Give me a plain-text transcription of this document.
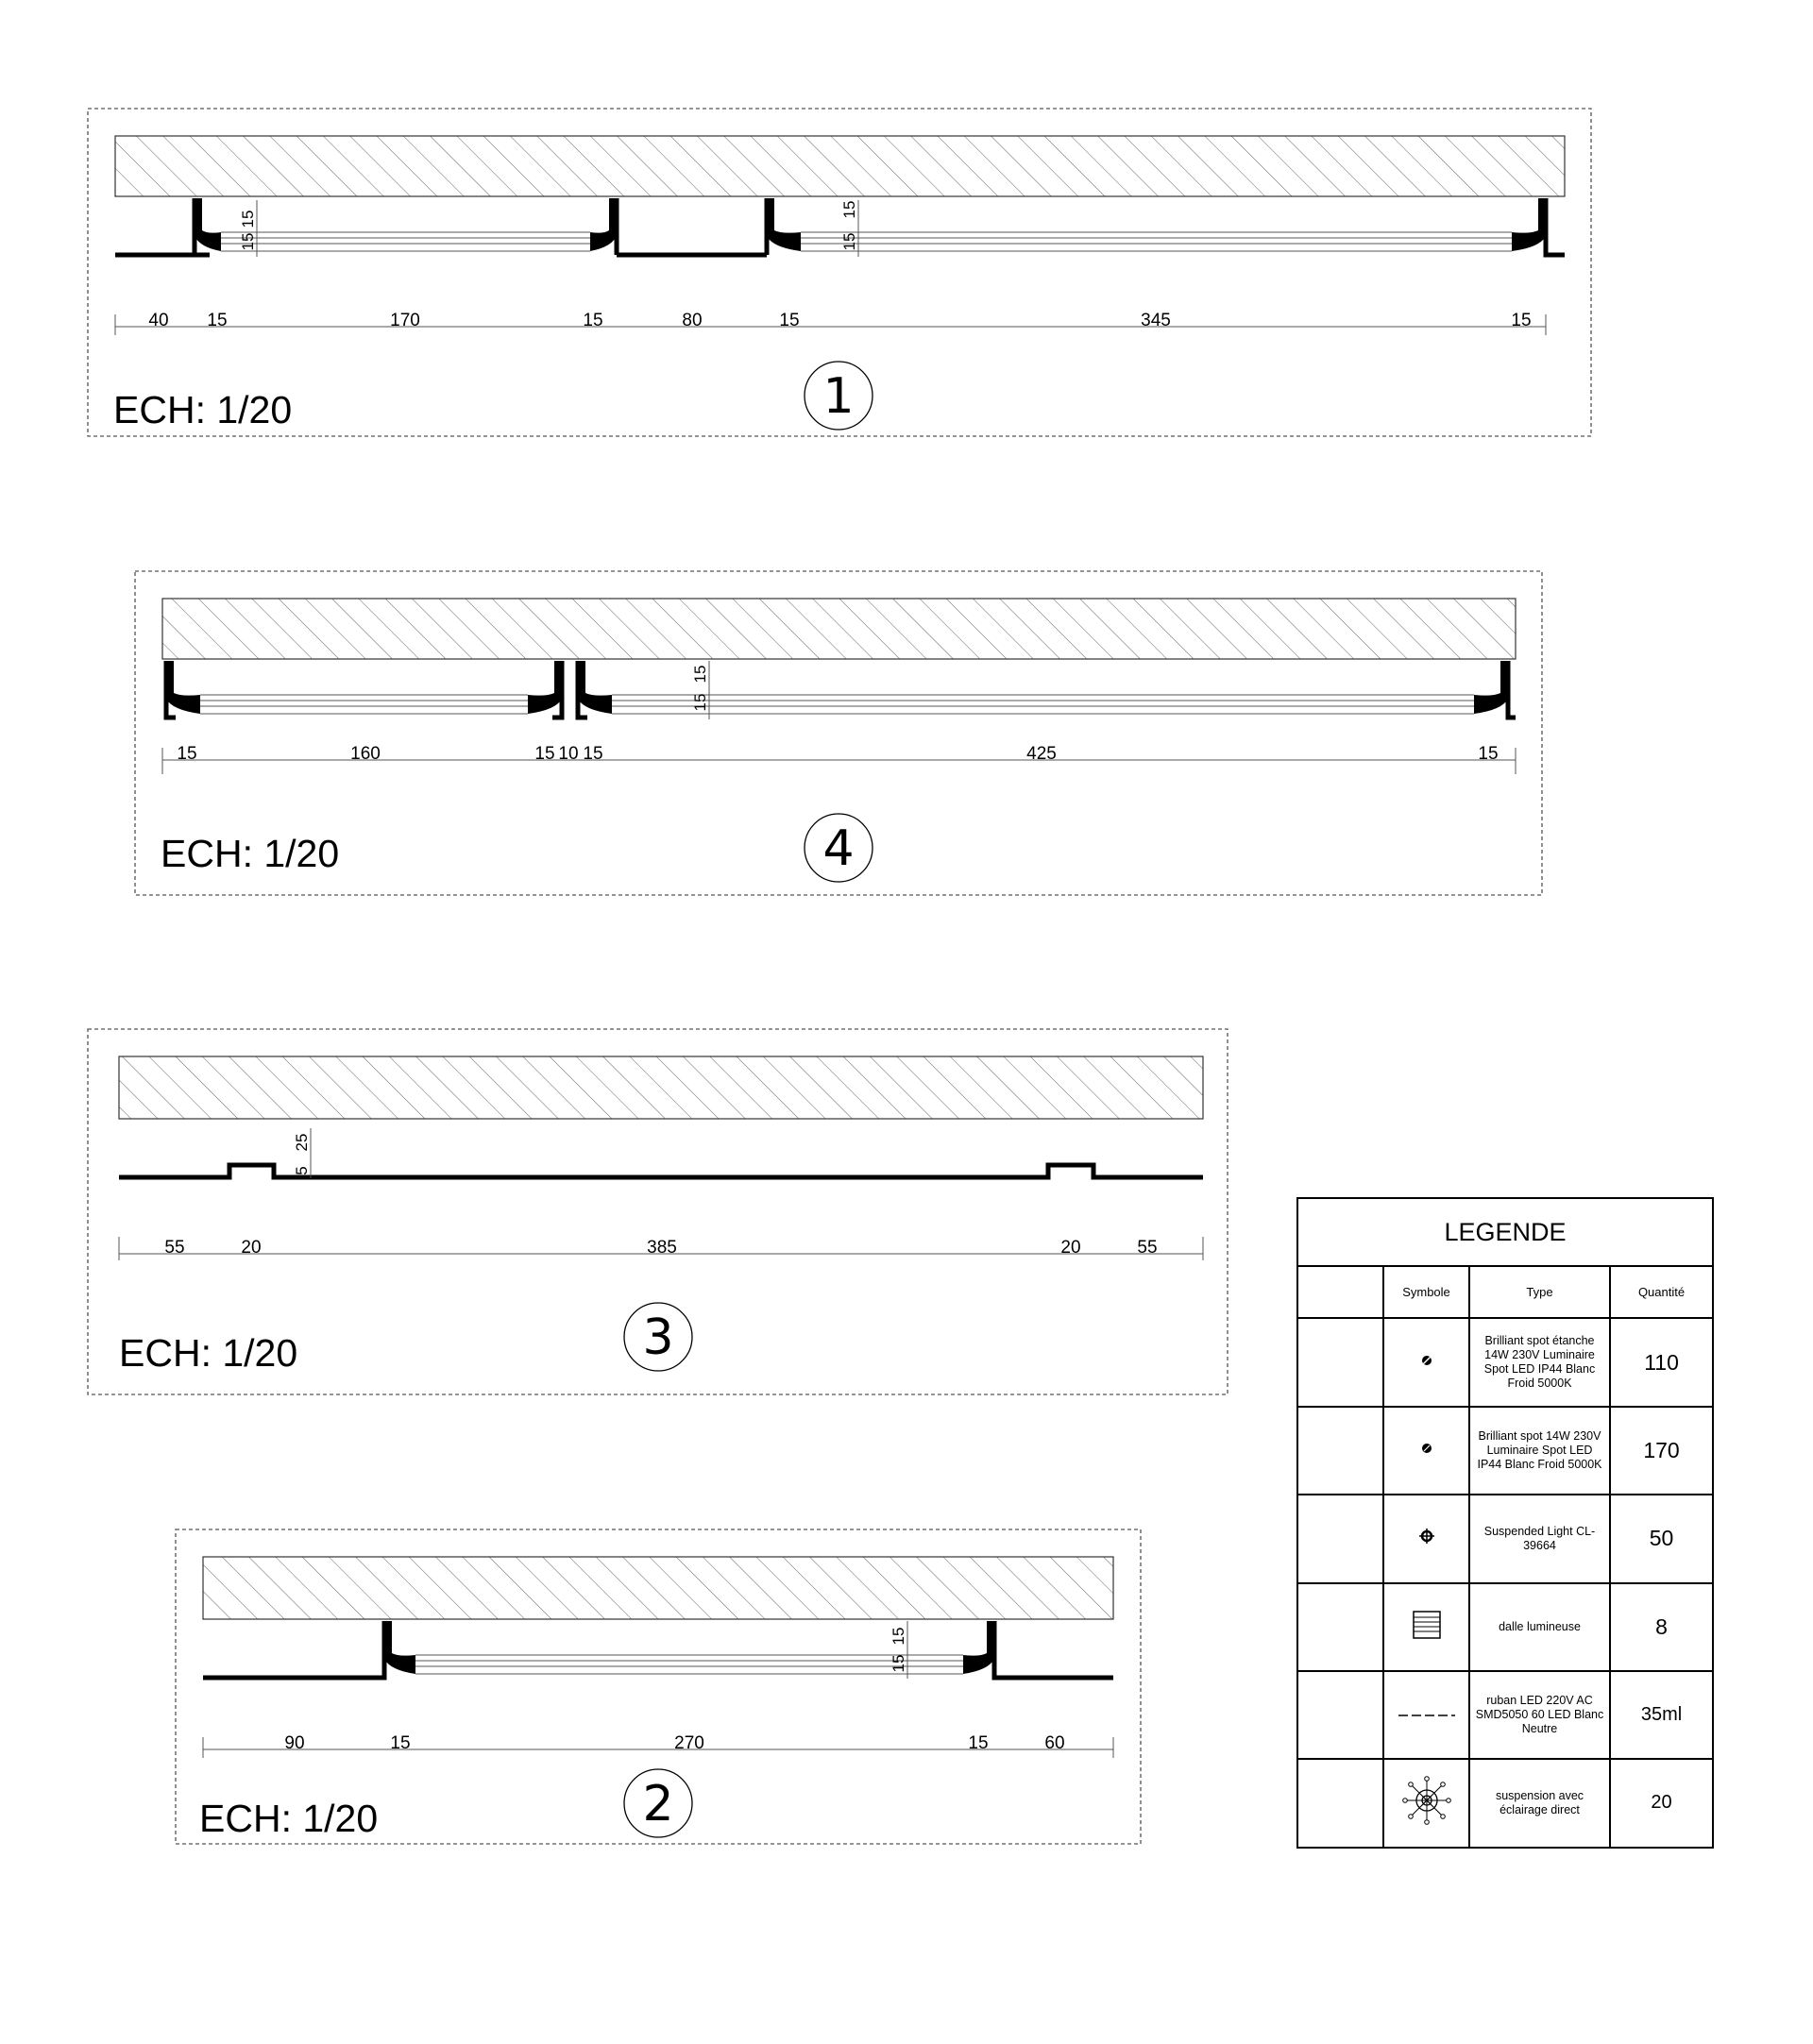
15
15
15
15
40 15	170	15	80	15	345	15
ECH: 1/20	1
15
15
15	160	15 10 15	425	15
ECH: 1/20	4
5
25
55	20	385	20	55
ECH: 1/20	3
15
15
90	15	270	15	60
ECH: 1/20	2
LEGENDE			
	Symbole	Type	Quantité
		Brilliant spot étanche 14W 230V Luminaire Spot LED IP44 Blanc Froid 5000K	110
		Brilliant spot 14W 230V Luminaire Spot LED IP44 Blanc Froid 5000K	170
		Suspended Light CL-39664	50
		dalle lumineuse	8
		ruban LED 220V AC SMD5050 60 LED Blanc Neutre	35ml
		suspension avec éclairage direct	20
